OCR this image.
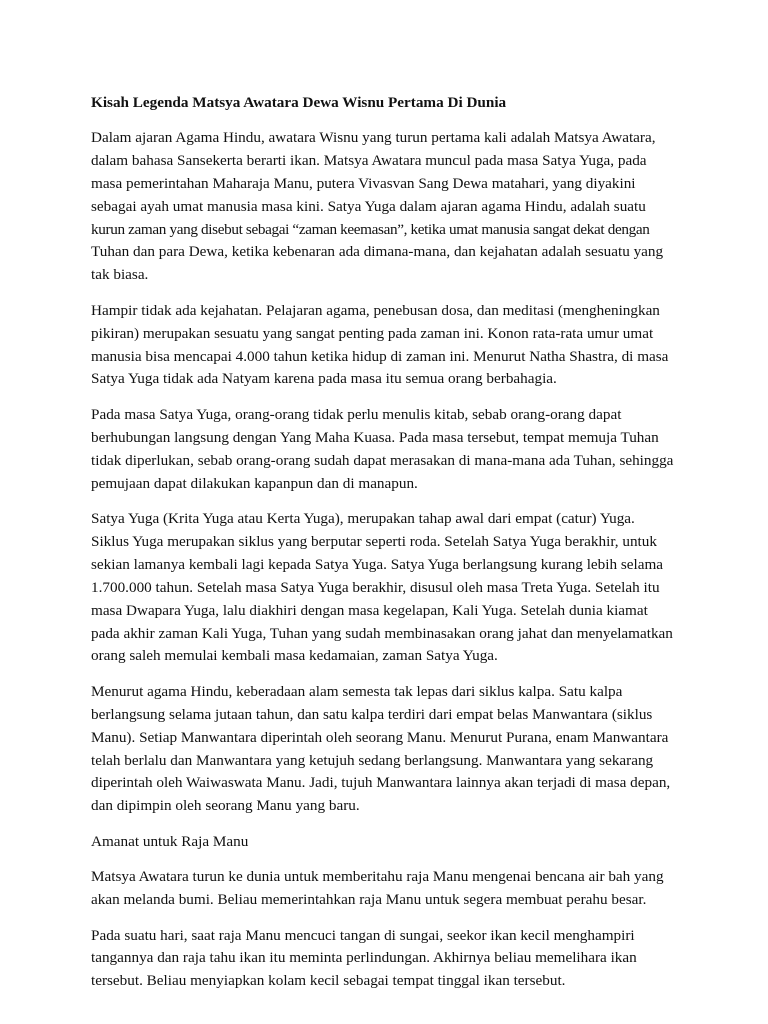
Kisah Legenda Matsya Awatara Dewa Wisnu Pertama Di Dunia
Dalam ajaran Agama Hindu, awatara Wisnu yang turun pertama kali adalah Matsya Awatara,
dalam bahasa Sansekerta berarti ikan. Matsya Awatara muncul pada masa Satya Yuga, pada
masa pemerintahan Maharaja Manu, putera Vivasvan Sang Dewa matahari, yang diyakini
sebagai ayah umat manusia masa kini. Satya Yuga dalam ajaran agama Hindu, adalah suatu
kurun zaman yang disebut sebagai “zaman keemasan”, ketika umat manusia sangat dekat dengan
Tuhan dan para Dewa, ketika kebenaran ada dimana-mana, dan kejahatan adalah sesuatu yang
tak biasa.
Hampir tidak ada kejahatan. Pelajaran agama, penebusan dosa, dan meditasi (mengheningkan
pikiran) merupakan sesuatu yang sangat penting pada zaman ini. Konon rata-rata umur umat
manusia bisa mencapai 4.000 tahun ketika hidup di zaman ini. Menurut Natha Shastra, di masa
Satya Yuga tidak ada Natyam karena pada masa itu semua orang berbahagia.
Pada masa Satya Yuga, orang-orang tidak perlu menulis kitab, sebab orang-orang dapat
berhubungan langsung dengan Yang Maha Kuasa. Pada masa tersebut, tempat memuja Tuhan
tidak diperlukan, sebab orang-orang sudah dapat merasakan di mana-mana ada Tuhan, sehingga
pemujaan dapat dilakukan kapanpun dan di manapun.
Satya Yuga (Krita Yuga atau Kerta Yuga), merupakan tahap awal dari empat (catur) Yuga.
Siklus Yuga merupakan siklus yang berputar seperti roda. Setelah Satya Yuga berakhir, untuk
sekian lamanya kembali lagi kepada Satya Yuga. Satya Yuga berlangsung kurang lebih selama
1.700.000 tahun. Setelah masa Satya Yuga berakhir, disusul oleh masa Treta Yuga. Setelah itu
masa Dwapara Yuga, lalu diakhiri dengan masa kegelapan, Kali Yuga. Setelah dunia kiamat
pada akhir zaman Kali Yuga, Tuhan yang sudah membinasakan orang jahat dan menyelamatkan
orang saleh memulai kembali masa kedamaian, zaman Satya Yuga.
Menurut agama Hindu, keberadaan alam semesta tak lepas dari siklus kalpa. Satu kalpa
berlangsung selama jutaan tahun, dan satu kalpa terdiri dari empat belas Manwantara (siklus
Manu). Setiap Manwantara diperintah oleh seorang Manu. Menurut Purana, enam Manwantara
telah berlalu dan Manwantara yang ketujuh sedang berlangsung. Manwantara yang sekarang
diperintah oleh Waiwaswata Manu. Jadi, tujuh Manwantara lainnya akan terjadi di masa depan,
dan dipimpin oleh seorang Manu yang baru.
Amanat untuk Raja Manu
Matsya Awatara turun ke dunia untuk memberitahu raja Manu mengenai bencana air bah yang
akan melanda bumi. Beliau memerintahkan raja Manu untuk segera membuat perahu besar.
Pada suatu hari, saat raja Manu mencuci tangan di sungai, seekor ikan kecil menghampiri
tangannya dan raja tahu ikan itu meminta perlindungan. Akhirnya beliau memelihara ikan
tersebut. Beliau menyiapkan kolam kecil sebagai tempat tinggal ikan tersebut.
